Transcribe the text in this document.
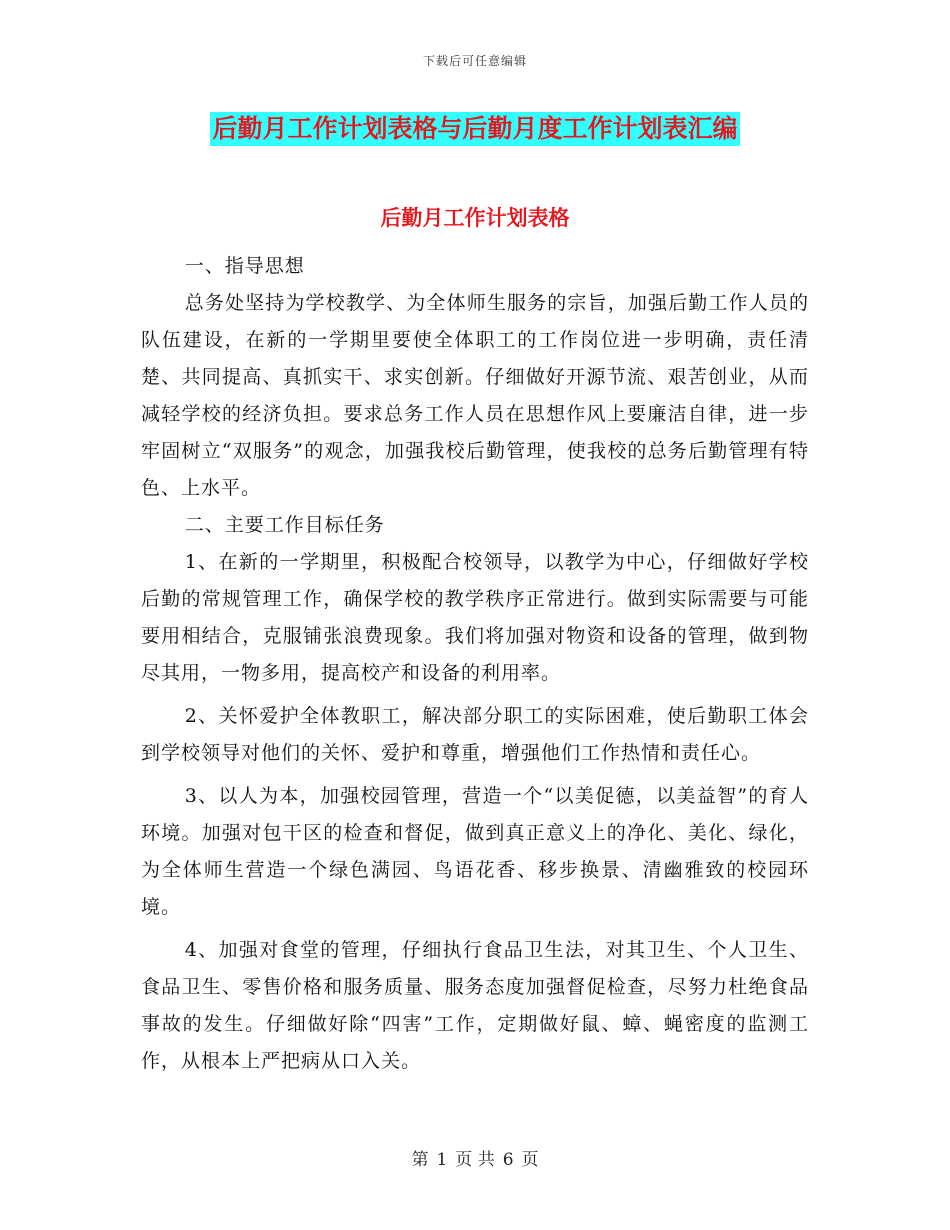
下载后可任意编辑
后勤月工作计划表格与后勤月度工作计划表汇编
后勤月工作计划表格

一、指导思想

总务处坚持为学校教学、为全体师生服务的宗旨，加强后勤工作人员的队伍建设，在新的一学期里要使全体职工的工作岗位进一步明确，责任清楚、共同提高、真抓实干、求实创新。仔细做好开源节流、艰苦创业，从而减轻学校的经济负担。要求总务工作人员在思想作风上要廉洁自律，进一步牢固树立“双服务”的观念，加强我校后勤管理，使我校的总务后勤管理有特色、上水平。

二、主要工作目标任务

1、在新的一学期里，积极配合校领导，以教学为中心，仔细做好学校后勤的常规管理工作，确保学校的教学秩序正常进行。做到实际需要与可能要用相结合，克服铺张浪费现象。我们将加强对物资和设备的管理，做到物尽其用，一物多用，提高校产和设备的利用率。

2、关怀爱护全体教职工，解决部分职工的实际困难，使后勤职工体会到学校领导对他们的关怀、爱护和尊重，增强他们工作热情和责任心。

3、以人为本，加强校园管理，营造一个“以美促德，以美益智”的育人环境。加强对包干区的检查和督促，做到真正意义上的净化、美化、绿化，为全体师生营造一个绿色满园、鸟语花香、移步换景、清幽雅致的校园环境。

4、加强对食堂的管理，仔细执行食品卫生法，对其卫生、个人卫生、食品卫生、零售价格和服务质量、服务态度加强督促检查，尽努力杜绝食品事故的发生。仔细做好除“四害”工作，定期做好鼠、蟑、蝇密度的监测工作，从根本上严把病从口入关。

第 1 页 共 6 页
